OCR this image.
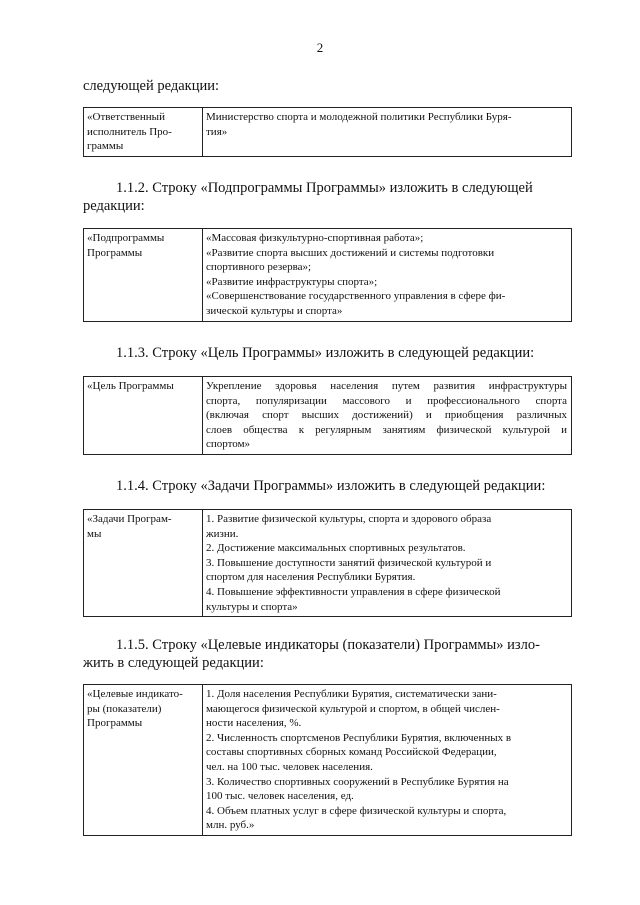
2
следующей редакции:
«Ответственный
исполнитель Про-
граммы

Министерство спорта и молодежной политики Республики Буря-
тия»
1.1.2. Строку «Подпрограммы Программы» изложить в следующей
редакции:
«Подпрограммы
Программы

«Массовая физкультурно-спортивная работа»;
«Развитие спорта высших достижений и системы подготовки
спортивного резерва»;
«Развитие инфраструктуры спорта»;
«Совершенствование государственного управления в сфере фи-
зической культуры и спорта»
1.1.3. Строку «Цель Программы» изложить в следующей редакции:
«Цель Программы	Укрепление здоровья населения путем развития инфраструктуры
спорта, популяризации массового и профессионального спорта
(включая спорт высших достижений) и приобщения различных
слоев общества к регулярным занятиям физической культурой и
спортом»
1.1.4. Строку «Задачи Программы» изложить в следующей редакции:
«Задачи Програм-
мы

1. Развитие физической культуры, спорта и здорового образа
жизни.
2. Достижение максимальных спортивных результатов.
3. Повышение доступности занятий физической культурой и
спортом для населения Республики Бурятия.
4. Повышение эффективности управления в сфере физической
культуры и спорта»
1.1.5. Строку «Целевые индикаторы (показатели) Программы» изло-
жить в следующей редакции:
«Целевые индикато-
ры (показатели)
Программы

1. Доля населения Республики Бурятия, систематически зани-
мающегося физической культурой и спортом, в общей числен-
ности населения, %.
2. Численность спортсменов Республики Бурятия, включенных в
составы спортивных сборных команд Российской Федерации,
чел. на 100 тыс. человек населения.
3. Количество спортивных сооружений в Республике Бурятия на
100 тыс. человек населения, ед.
4. Объем платных услуг в сфере физической культуры и спорта,
млн. руб.»
